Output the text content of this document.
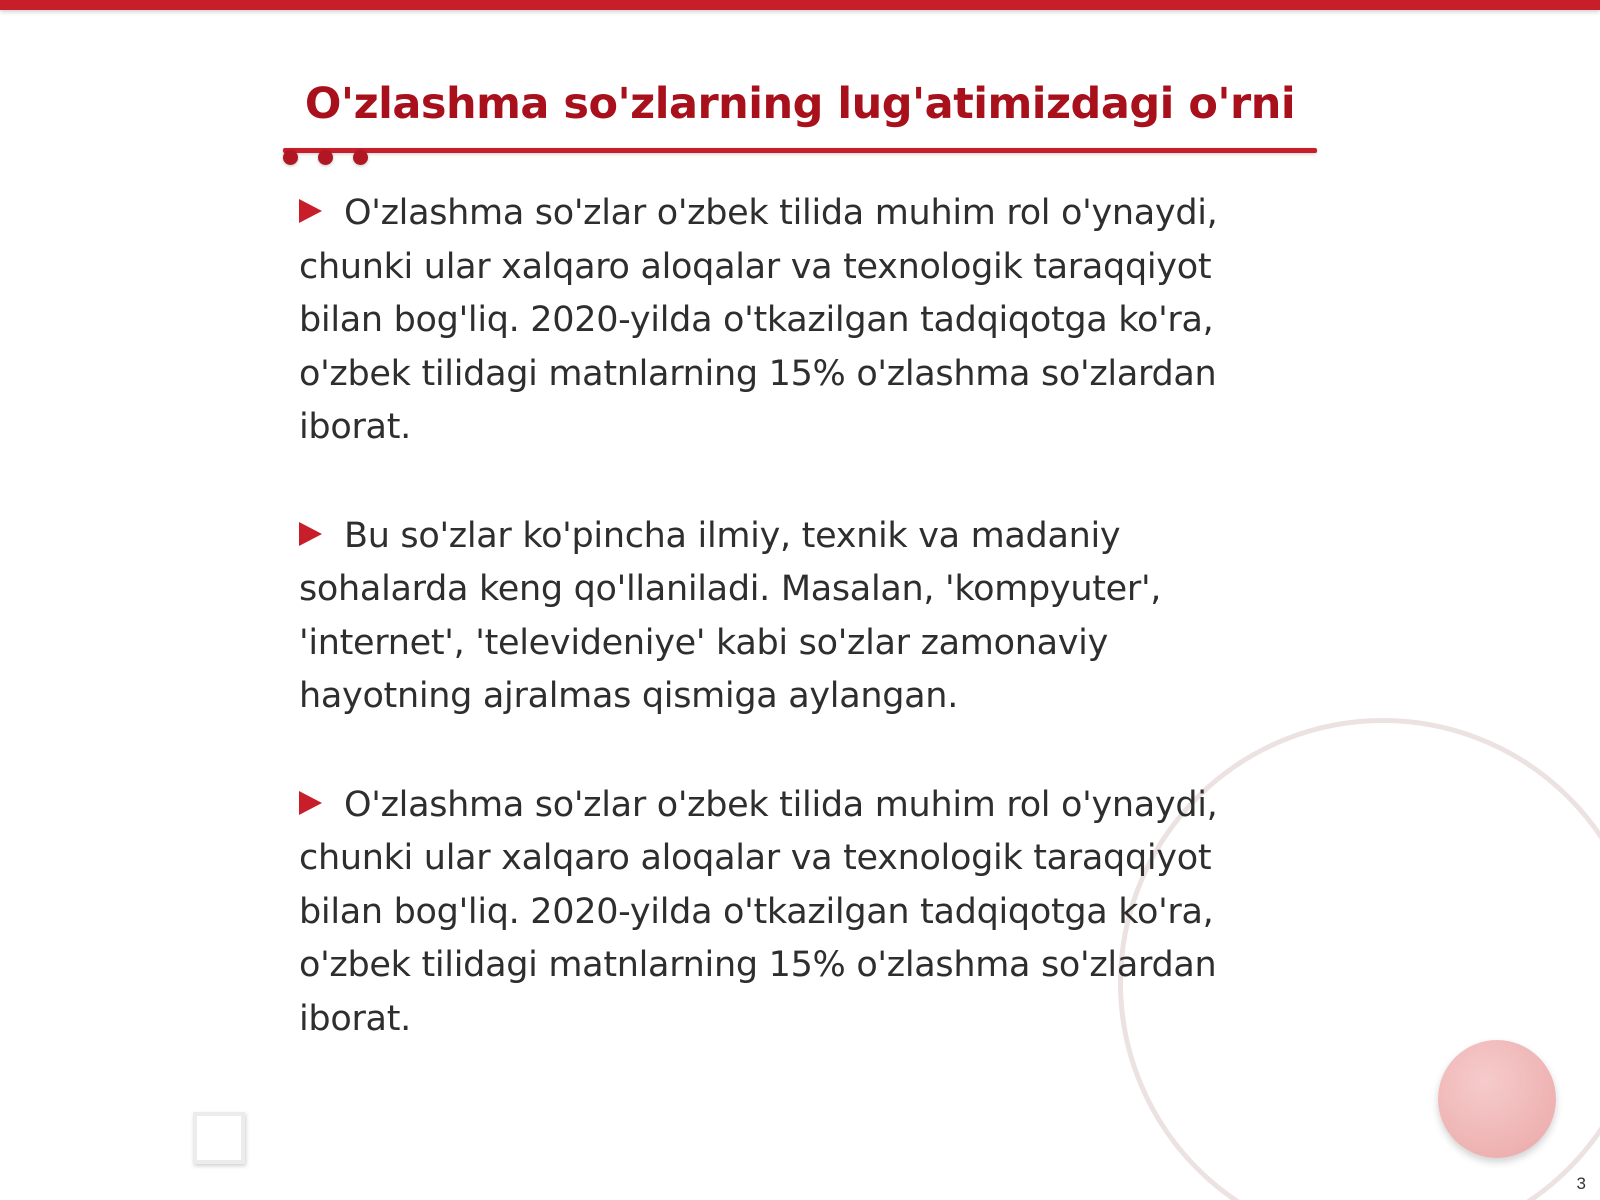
O'zlashma so'zlarning lug'atimizdagi o'rni

O'zlashma so'zlar o'zbek tilida muhim rol o'ynaydi, chunki ular xalqaro aloqalar va texnologik taraqqiyot bilan bog'liq. 2020-yilda o'tkazilgan tadqiqotga ko'ra, o'zbek tilidagi matnlarning 15% o'zlashma so'zlardan iborat.

Bu so'zlar ko'pincha ilmiy, texnik va madaniy sohalarda keng qo'llaniladi. Masalan, 'kompyuter', 'internet', 'televideniye' kabi so'zlar zamonaviy hayotning ajralmas qismiga aylangan.

O'zlashma so'zlar o'zbek tilida muhim rol o'ynaydi, chunki ular xalqaro aloqalar va texnologik taraqqiyot bilan bog'liq. 2020-yilda o'tkazilgan tadqiqotga ko'ra, o'zbek tilidagi matnlarning 15% o'zlashma so'zlardan iborat.

3
